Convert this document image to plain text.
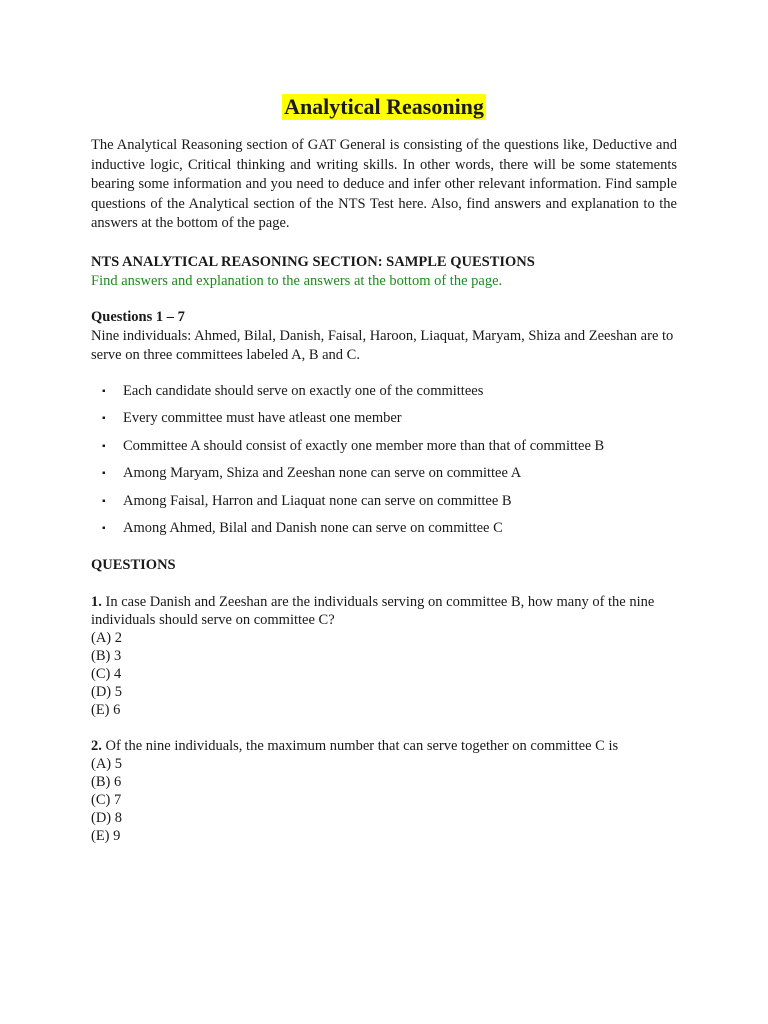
Analytical Reasoning
The Analytical Reasoning section of GAT General is consisting of the questions like, Deductive and inductive logic, Critical thinking and writing skills. In other words, there will be some statements bearing some information and you need to deduce and infer other relevant information. Find sample questions of the Analytical section of the NTS Test here. Also, find answers and explanation to the answers at the bottom of the page.
NTS ANALYTICAL REASONING SECTION: SAMPLE QUESTIONS
Find answers and explanation to the answers at the bottom of the page.
Questions 1 – 7
Nine individuals: Ahmed, Bilal, Danish, Faisal, Haroon, Liaquat, Maryam, Shiza and Zeeshan are to serve on three committees labeled A, B and C.
▪ Each candidate should serve on exactly one of the committees
▪ Every committee must have atleast one member
▪ Committee A should consist of exactly one member more than that of committee B
▪ Among Maryam, Shiza and Zeeshan none can serve on committee A
▪ Among Faisal, Harron and Liaquat none can serve on committee B
▪ Among Ahmed, Bilal and Danish none can serve on committee C
QUESTIONS
1. In case Danish and Zeeshan are the individuals serving on committee B, how many of the nine individuals should serve on committee C?
(A) 2
(B) 3
(C) 4
(D) 5
(E) 6
2. Of the nine individuals, the maximum number that can serve together on committee C is
(A) 5
(B) 6
(C) 7
(D) 8
(E) 9
